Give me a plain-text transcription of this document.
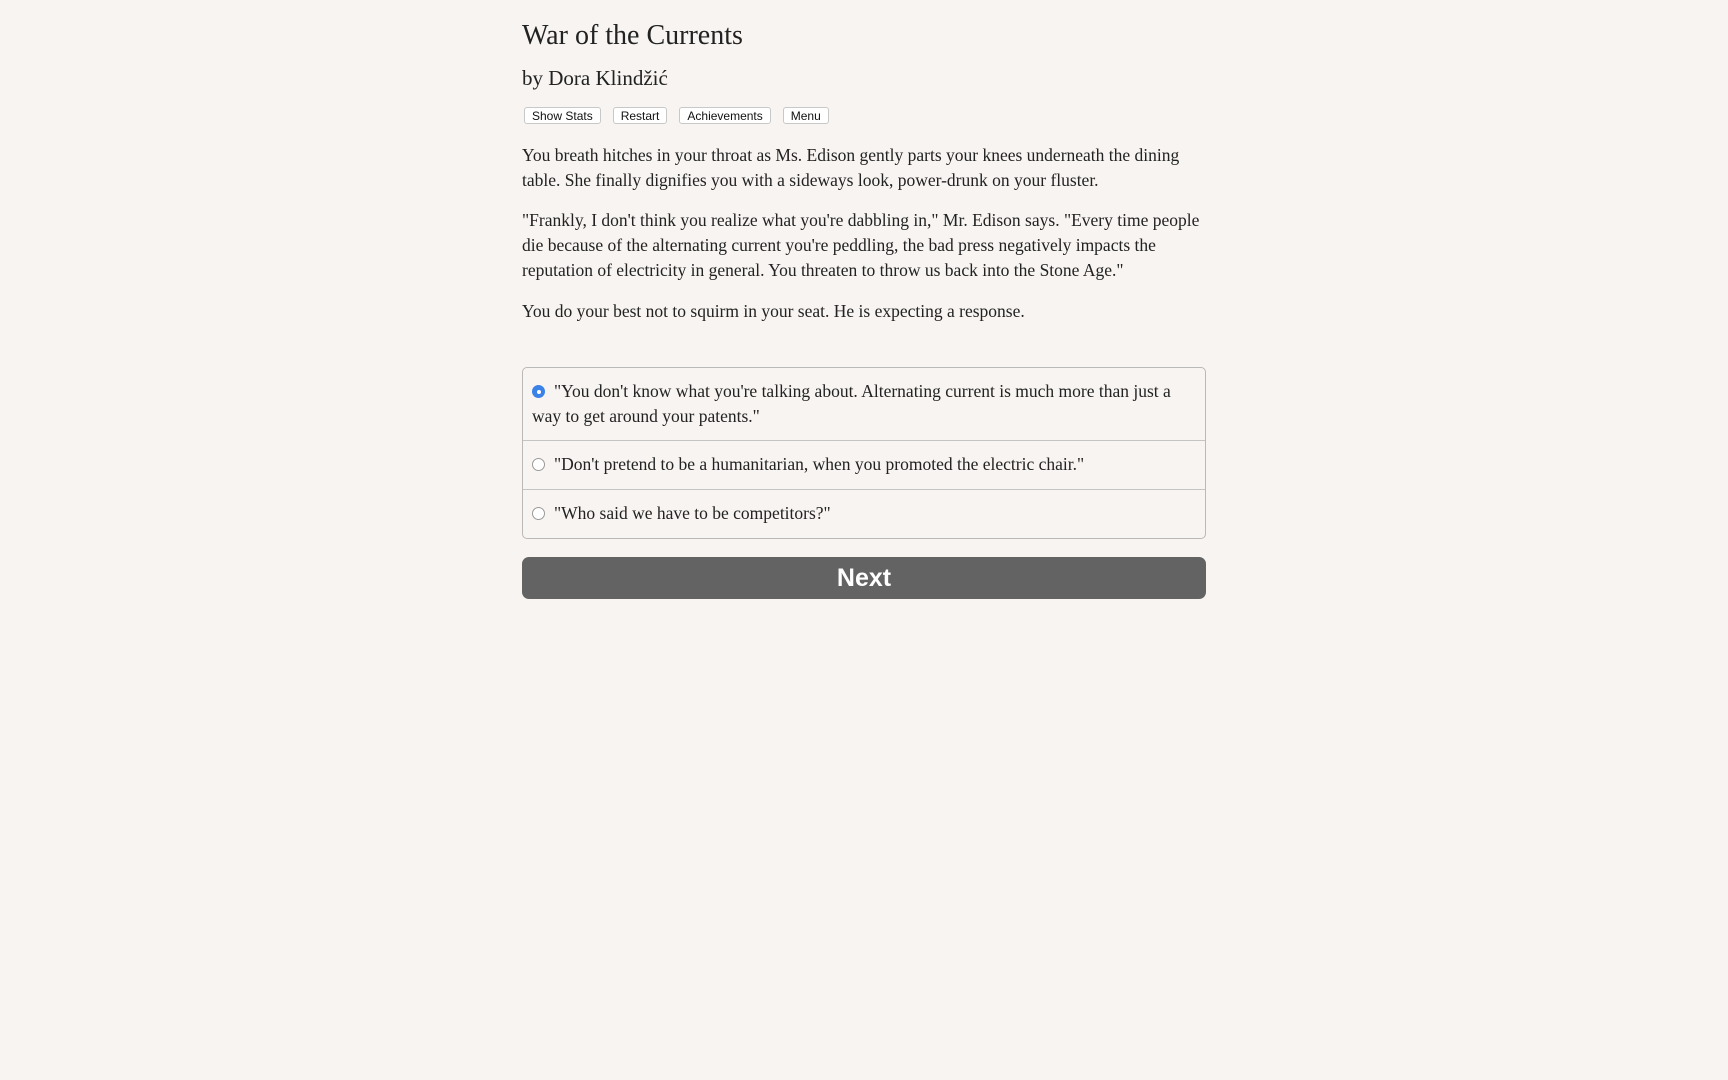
War of the Currents
by Dora Klindžić
Show Stats	Restart	Achievements	Menu

You breath hitches in your throat as Ms. Edison gently parts your knees underneath the dining table. She finally dignifies you with a sideways look, power-drunk on your fluster.

"Frankly, I don't think you realize what you're dabbling in," Mr. Edison says. "Every time people die because of the alternating current you're peddling, the bad press negatively impacts the reputation of electricity in general. You threaten to throw us back into the Stone Age."

You do your best not to squirm in your seat. He is expecting a response.

"You don't know what you're talking about. Alternating current is much more than just a way to get around your patents."
"Don't pretend to be a humanitarian, when you promoted the electric chair."
"Who said we have to be competitors?"
Next
